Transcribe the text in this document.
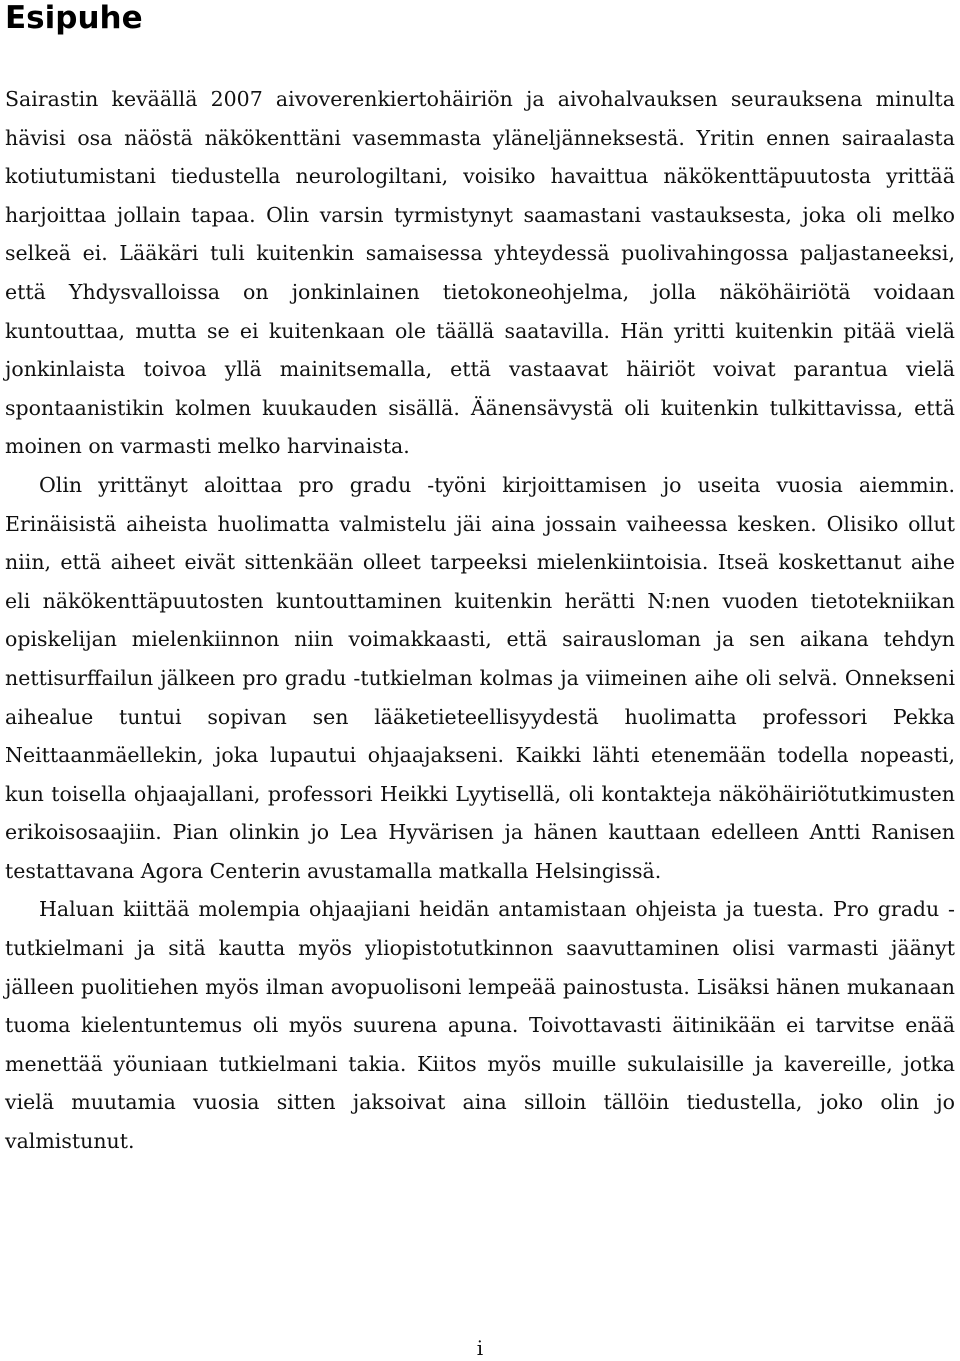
Esipuhe

Sairastin keväällä 2007 aivoverenkiertohäiriön ja aivohalvauksen seurauksena minulta hävisi osa näöstä näkökenttäni vasemmasta yläneljänneksestä. Yritin ennen sairaalasta kotiutumistani tiedustella neurologiltani, voisiko havaittua näkökenttäpuutosta yrittää harjoittaa jollain tapaa. Olin varsin tyrmistynyt saamastani vastauksesta, joka oli melko selkeä ei. Lääkäri tuli kuitenkin samaisessa yhteydessä puolivahingossa paljastaneeksi, että Yhdysvalloissa on jonkinlainen tietokoneohjelma, jolla näköhäiriötä voidaan kuntouttaa, mutta se ei kuitenkaan ole täällä saatavilla. Hän yritti kuitenkin pitää vielä jonkinlaista toivoa yllä mainitsemalla, että vastaavat häiriöt voivat parantua vielä spontaanistikin kolmen kuukauden sisällä. Äänensävystä oli kuitenkin tulkittavissa, että moinen on varmasti melko harvinaista.

Olin yrittänyt aloittaa pro gradu -työni kirjoittamisen jo useita vuosia aiemmin. Erinäisistä aiheista huolimatta valmistelu jäi aina jossain vaiheessa kesken. Olisiko ollut niin, että aiheet eivät sittenkään olleet tarpeeksi mielenkiintoisia. Itseä koskettanut aihe eli näkökenttäpuutosten kuntouttaminen kuitenkin herätti N:nen vuoden tietotekniikan opiskelijan mielenkiinnon niin voimakkaasti, että sairausloman ja sen aikana tehdyn nettisurffailun jälkeen pro gradu -tutkielman kolmas ja viimeinen aihe oli selvä. Onnekseni aihealue tuntui sopivan sen lääketieteellisyydestä huolimatta professori Pekka Neittaanmäellekin, joka lupautui ohjaajakseni. Kaikki lähti etenemään todella nopeasti, kun toisella ohjaajallani, professori Heikki Lyytisellä, oli kontakteja näköhäiriötutkimusten erikoisosaajiin. Pian olinkin jo Lea Hyvärisen ja hänen kauttaan edelleen Antti Ranisen testattavana Agora Centerin avustamalla matkalla Helsingissä.

Haluan kiittää molempia ohjaajiani heidän antamistaan ohjeista ja tuesta. Pro gradu -tutkielmani ja sitä kautta myös yliopistotutkinnon saavuttaminen olisi varmasti jäänyt jälleen puolitiehen myös ilman avopuolisoni lempeää painostusta. Lisäksi hänen mukanaan tuoma kielentuntemus oli myös suurena apuna. Toivottavasti äitinikään ei tarvitse enää menettää yöuniaan tutkielmani takia. Kiitos myös muille sukulaisille ja kavereille, jotka vielä muutamia vuosia sitten jaksoivat aina silloin tällöin tiedustella, joko olin jo valmistunut.

i
